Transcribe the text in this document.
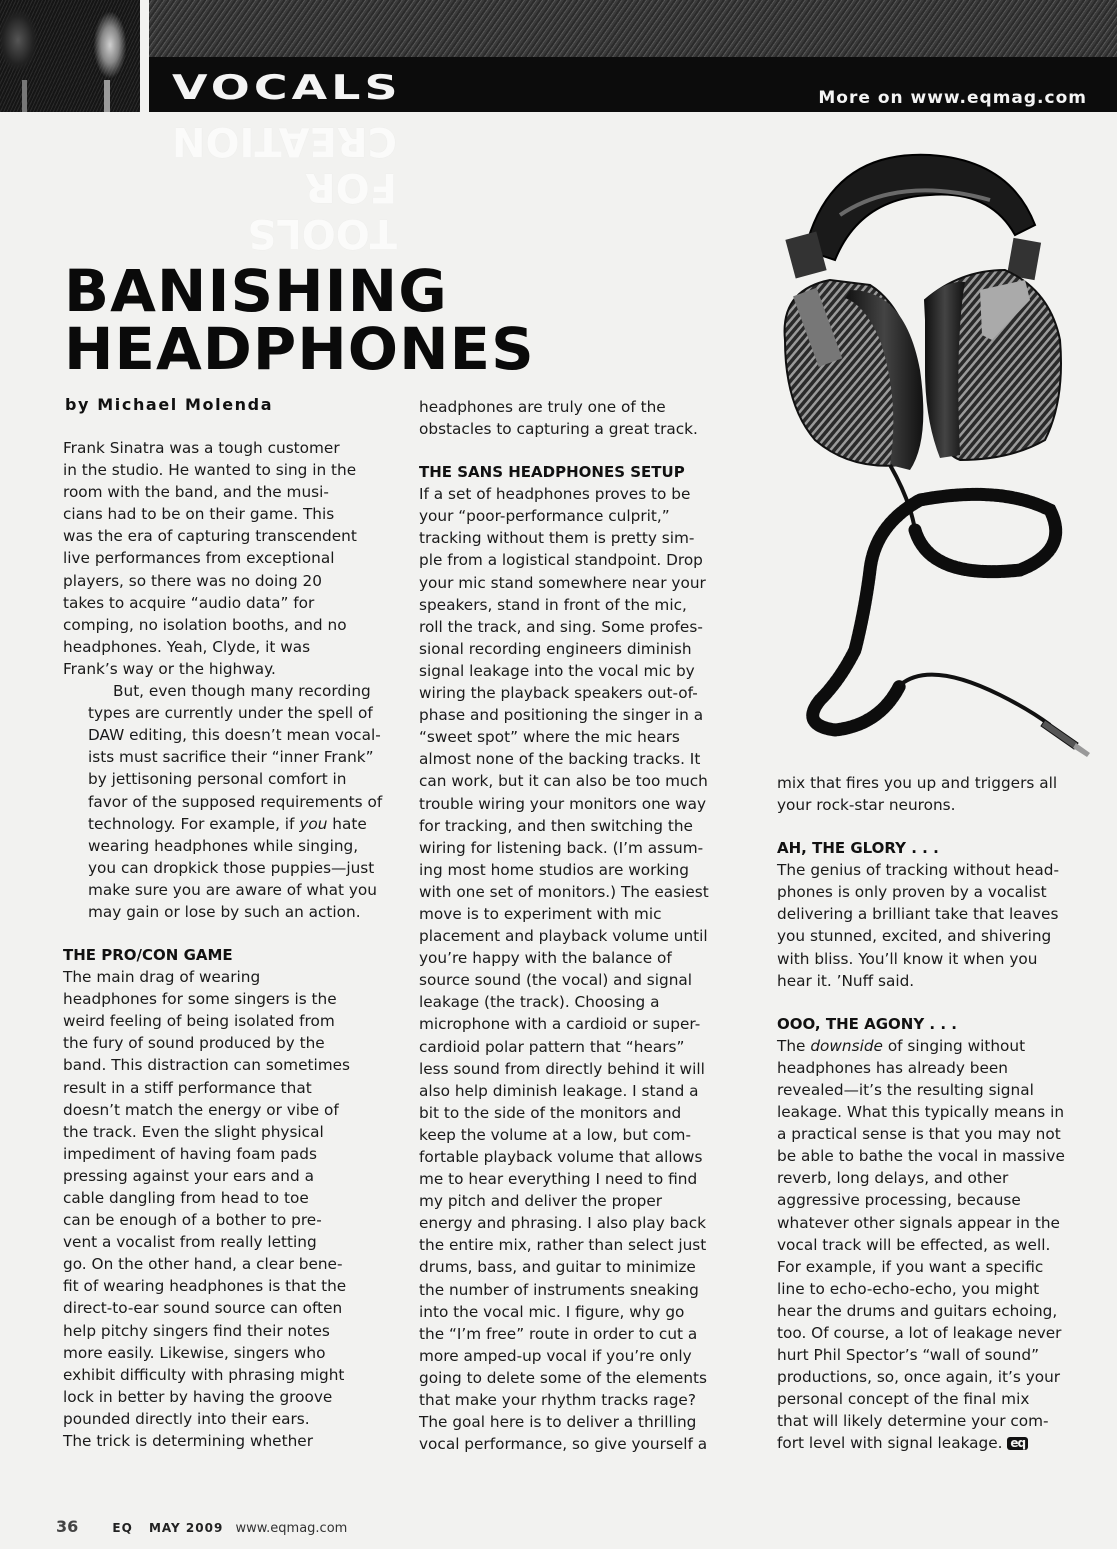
VOCALS	More on www.eqmag.com
TOOLS
FOR
CREATION
BANISHING
HEADPHONES
by Michael Molenda

Frank Sinatra was a tough customer
in the studio. He wanted to sing in the
room with the band, and the musi-
cians had to be on their game. This
was the era of capturing transcendent
live performances from exceptional
players, so there was no doing 20
takes to acquire “audio data” for
comping, no isolation booths, and no
headphones. Yeah, Clyde, it was
Frank’s way or the highway.

But, even though many recording
types are currently under the spell of
DAW editing, this doesn’t mean vocal-
ists must sacrifice their “inner Frank”
by jettisoning personal comfort in
favor of the supposed requirements of
technology. For example, if you hate
wearing headphones while singing,
you can dropkick those puppies—just
make sure you are aware of what you
may gain or lose by such an action.

THE PRO/CON GAME

The main drag of wearing
headphones for some singers is the
weird feeling of being isolated from
the fury of sound produced by the
band. This distraction can sometimes
result in a stiff performance that
doesn’t match the energy or vibe of
the track. Even the slight physical
impediment of having foam pads
pressing against your ears and a
cable dangling from head to toe
can be enough of a bother to pre-
vent a vocalist from really letting
go. On the other hand, a clear bene-
fit of wearing headphones is that the
direct-to-ear sound source can often
help pitchy singers find their notes
more easily. Likewise, singers who
exhibit difficulty with phrasing might
lock in better by having the groove
pounded directly into their ears.
The trick is determining whether

headphones are truly one of the
obstacles to capturing a great track.

THE SANS HEADPHONES SETUP

If a set of headphones proves to be
your “poor-performance culprit,”
tracking without them is pretty sim-
ple from a logistical standpoint. Drop
your mic stand somewhere near your
speakers, stand in front of the mic,
roll the track, and sing. Some profes-
sional recording engineers diminish
signal leakage into the vocal mic by
wiring the playback speakers out-of-
phase and positioning the singer in a
“sweet spot” where the mic hears
almost none of the backing tracks. It
can work, but it can also be too much
trouble wiring your monitors one way
for tracking, and then switching the
wiring for listening back. (I’m assum-
ing most home studios are working
with one set of monitors.) The easiest
move is to experiment with mic
placement and playback volume until
you’re happy with the balance of
source sound (the vocal) and signal
leakage (the track). Choosing a
microphone with a cardioid or super-
cardioid polar pattern that “hears”
less sound from directly behind it will
also help diminish leakage. I stand a
bit to the side of the monitors and
keep the volume at a low, but com-
fortable playback volume that allows
me to hear everything I need to find
my pitch and deliver the proper
energy and phrasing. I also play back
the entire mix, rather than select just
drums, bass, and guitar to minimize
the number of instruments sneaking
into the vocal mic. I figure, why go
the “I’m free” route in order to cut a
more amped-up vocal if you’re only
going to delete some of the elements
that make your rhythm tracks rage?
The goal here is to deliver a thrilling
vocal performance, so give yourself a

mix that fires you up and triggers all
your rock-star neurons.

AH, THE GLORY . . .

The genius of tracking without head-
phones is only proven by a vocalist
delivering a brilliant take that leaves
you stunned, excited, and shivering
with bliss. You’ll know it when you
hear it. ’Nuff said.

OOO, THE AGONY . . .

The downside of singing without
headphones has already been
revealed—it’s the resulting signal
leakage. What this typically means in
a practical sense is that you may not
be able to bathe the vocal in massive
reverb, long delays, and other
aggressive processing, because
whatever other signals appear in the
vocal track will be effected, as well.
For example, if you want a specific
line to echo-echo-echo, you might
hear the drums and guitars echoing,
too. Of course, a lot of leakage never
hurt Phil Spector’s “wall of sound”
productions, so, once again, it’s your
personal concept of the final mix
that will likely determine your com-
fort level with signal leakage. eq

36	EQ MAY 2009 www.eqmag.com
